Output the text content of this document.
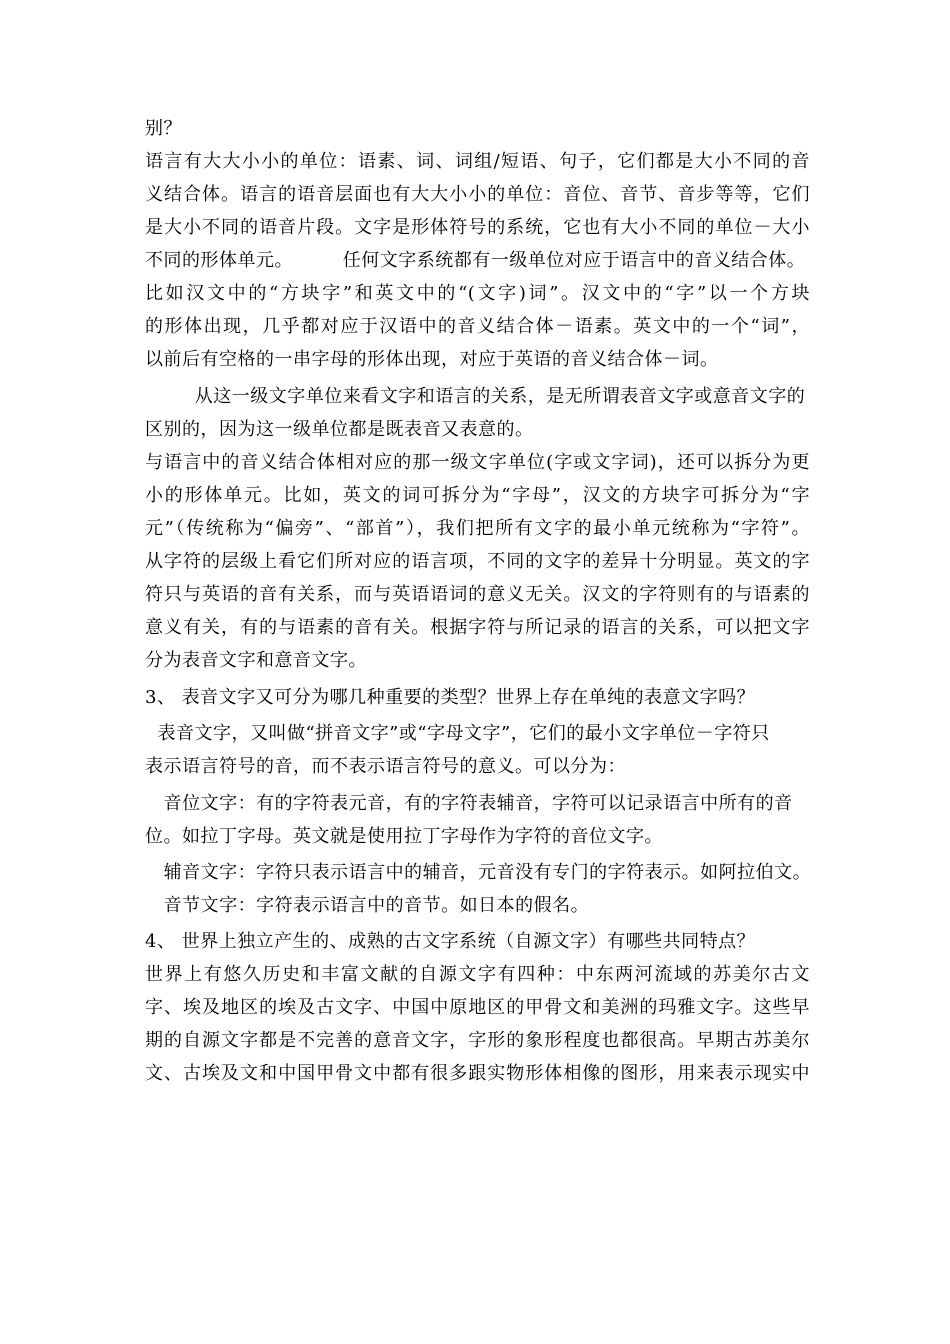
别？
语言有大大小小的单位：语素、词、词组/短语、句子，它们都是大小不同的音
义结合体。语言的语音层面也有大大小小的单位：音位、音节、音步等等，它们
是大小不同的语音片段。文字是形体符号的系统，它也有大小不同的单位－大小
不同的形体单元。        任何文字系统都有一级单位对应于语言中的音义结合体。
比如汉文中的“方块字”和英文中的“(文字)词”。汉文中的“字”以一个方块
的形体出现，几乎都对应于汉语中的音义结合体－语素。英文中的一个“词”，
以前后有空格的一串字母的形体出现，对应于英语的音义结合体－词。
从这一级文字单位来看文字和语言的关系，是无所谓表音文字或意音文字的
区别的，因为这一级单位都是既表音又表意的。
与语言中的音义结合体相对应的那一级文字单位(字或文字词)，还可以拆分为更
小的形体单元。比如，英文的词可拆分为“字母”，汉文的方块字可拆分为“字
元”（传统称为“偏旁”、“部首”），我们把所有文字的最小单元统称为“字符”。
从字符的层级上看它们所对应的语言项，不同的文字的差异十分明显。英文的字
符只与英语的音有关系，而与英语语词的意义无关。汉文的字符则有的与语素的
意义有关，有的与语素的音有关。根据字符与所记录的语言的关系，可以把文字
分为表音文字和意音文字。
3、 表音文字又可分为哪几种重要的类型？世界上存在单纯的表意文字吗？
表音文字，又叫做“拼音文字”或“字母文字”，它们的最小文字单位－字符只
表示语言符号的音，而不表示语言符号的意义。可以分为：
音位文字：有的字符表元音，有的字符表辅音，字符可以记录语言中所有的音
位。如拉丁字母。英文就是使用拉丁字母作为字符的音位文字。
辅音文字：字符只表示语言中的辅音，元音没有专门的字符表示。如阿拉伯文。
音节文字：字符表示语言中的音节。如日本的假名。
4、 世界上独立产生的、成熟的古文字系统（自源文字）有哪些共同特点？
世界上有悠久历史和丰富文献的自源文字有四种：中东两河流域的苏美尔古文
字、埃及地区的埃及古文字、中国中原地区的甲骨文和美洲的玛雅文字。这些早
期的自源文字都是不完善的意音文字，字形的象形程度也都很高。早期古苏美尔
文、古埃及文和中国甲骨文中都有很多跟实物形体相像的图形，用来表示现实中
